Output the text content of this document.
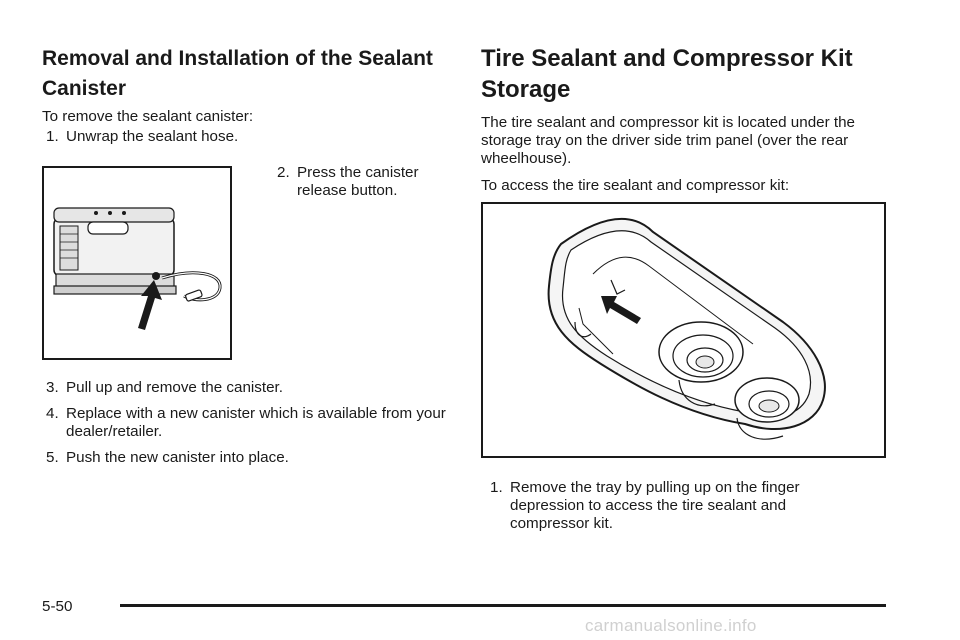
Removal and Installation of the Sealant Canister

To remove the sealant canister:

1. Unwrap the sealant hose.
2. Press the canister release button.
3. Pull up and remove the canister.
4. Replace with a new canister which is available from your dealer/retailer.
5. Push the new canister into place.
Tire Sealant and Compressor Kit Storage

The tire sealant and compressor kit is located under the storage tray on the driver side trim panel (over the rear wheelhouse).

To access the tire sealant and compressor kit:

1. Remove the tray by pulling up on the finger depression to access the tire sealant and compressor kit.
5-50
carmanualsonline.info
